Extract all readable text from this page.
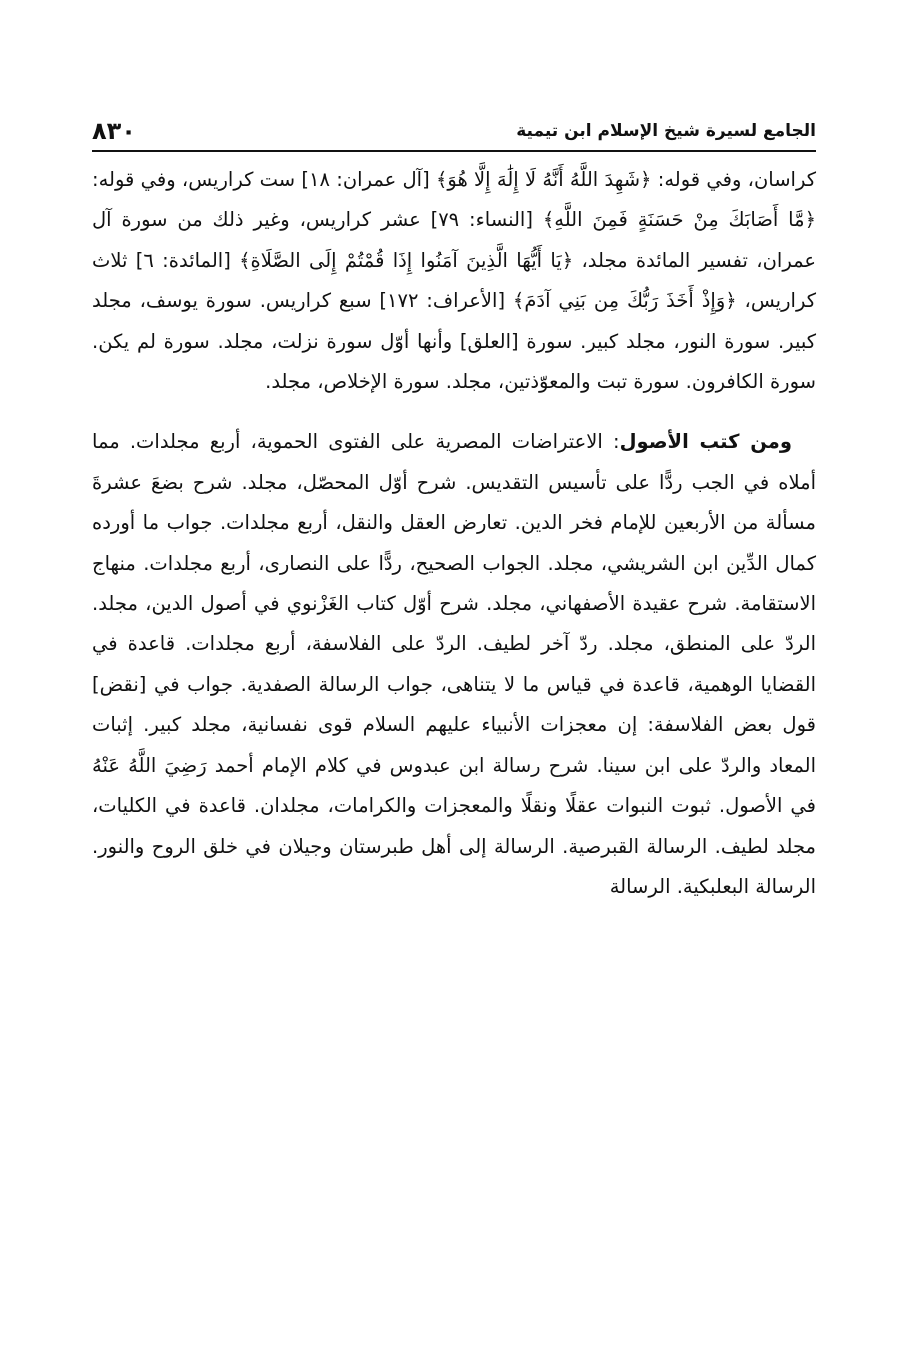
الجامع لسيرة شيخ الإسلام ابن تيمية
٨٣٠

كراسان، وفي قوله: ﴿شَهِدَ اللَّهُ أَنَّهُ لَا إِلَٰهَ إِلَّا هُوَ﴾ [آل عمران: ١٨] ست كراريس، وفي قوله: ﴿مَّا أَصَابَكَ مِنْ حَسَنَةٍ فَمِنَ اللَّهِ﴾ [النساء: ٧٩] عشر كراريس، وغير ذلك من سورة آل عمران، تفسير المائدة مجلد، ﴿يَا أَيُّهَا الَّذِينَ آمَنُوا إِذَا قُمْتُمْ إِلَى الصَّلَاةِ﴾ [المائدة: ٦] ثلاث كراريس، ﴿وَإِذْ أَخَذَ رَبُّكَ مِن بَنِي آدَمَ﴾ [الأعراف: ١٧٢] سبع كراريس. سورة يوسف، مجلد كبير. سورة النور، مجلد كبير. سورة [العلق] وأنها أوّل سورة نزلت، مجلد. سورة لم يكن. سورة الكافرون. سورة تبت والمعوّذتين، مجلد. سورة الإخلاص، مجلد.

ومن كتب الأصول: الاعتراضات المصرية على الفتوى الحموية، أربع مجلدات. مما أملاه في الجب ردًّا على تأسيس التقديس. شرح أوّل المحصّل، مجلد. شرح بضعَ عشرةَ مسألة من الأربعين للإمام فخر الدين. تعارض العقل والنقل، أربع مجلدات. جواب ما أورده كمال الدِّين ابن الشريشي، مجلد. الجواب الصحيح، ردًّا على النصارى، أربع مجلدات. منهاج الاستقامة. شرح عقيدة الأصفهاني، مجلد. شرح أوّل كتاب الغَزْنوي في أصول الدين، مجلد. الردّ على المنطق، مجلد. ردّ آخر لطيف. الردّ على الفلاسفة، أربع مجلدات. قاعدة في القضايا الوهمية، قاعدة في قياس ما لا يتناهى، جواب الرسالة الصفدية. جواب في [نقض] قول بعض الفلاسفة: إن معجزات الأنبياء عليهم السلام قوى نفسانية، مجلد كبير. إثبات المعاد والردّ على ابن سينا. شرح رسالة ابن عبدوس في كلام الإمام أحمد رَضِيَ اللَّهُ عَنْهُ في الأصول. ثبوت النبوات عقلًا ونقلًا والمعجزات والكرامات، مجلدان. قاعدة في الكليات، مجلد لطيف. الرسالة القبرصية. الرسالة إلى أهل طبرستان وجيلان في خلق الروح والنور. الرسالة البعلبكية. الرسالة
